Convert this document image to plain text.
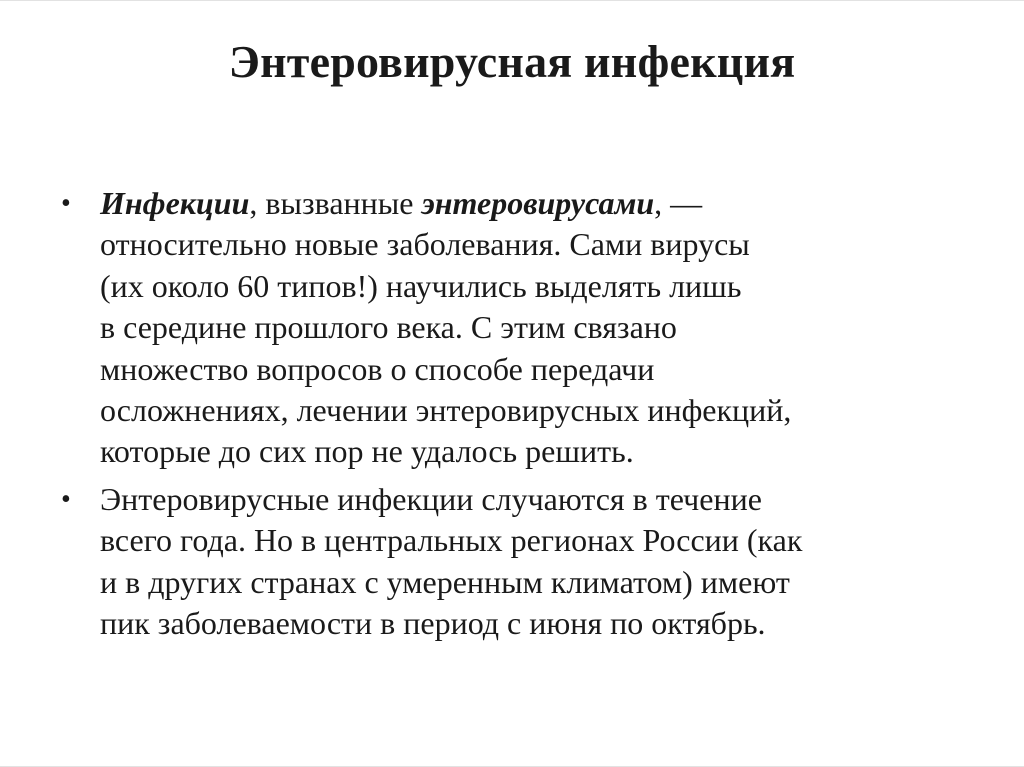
Энтеровирусная инфекция
• Инфекции, вызванные энтеровирусами, —
относительно новые заболевания. Сами вирусы
(их около 60 типов!) научились выделять лишь
в середине прошлого века. С этим связано
множество вопросов о способе передачи
осложнениях, лечении энтеровирусных инфекций,
которые до сих пор не удалось решить.
• Энтеровирусные инфекции случаются в течение
всего года. Но в центральных регионах России (как
и в других странах с умеренным климатом) имеют
пик заболеваемости в период с июня по октябрь.
